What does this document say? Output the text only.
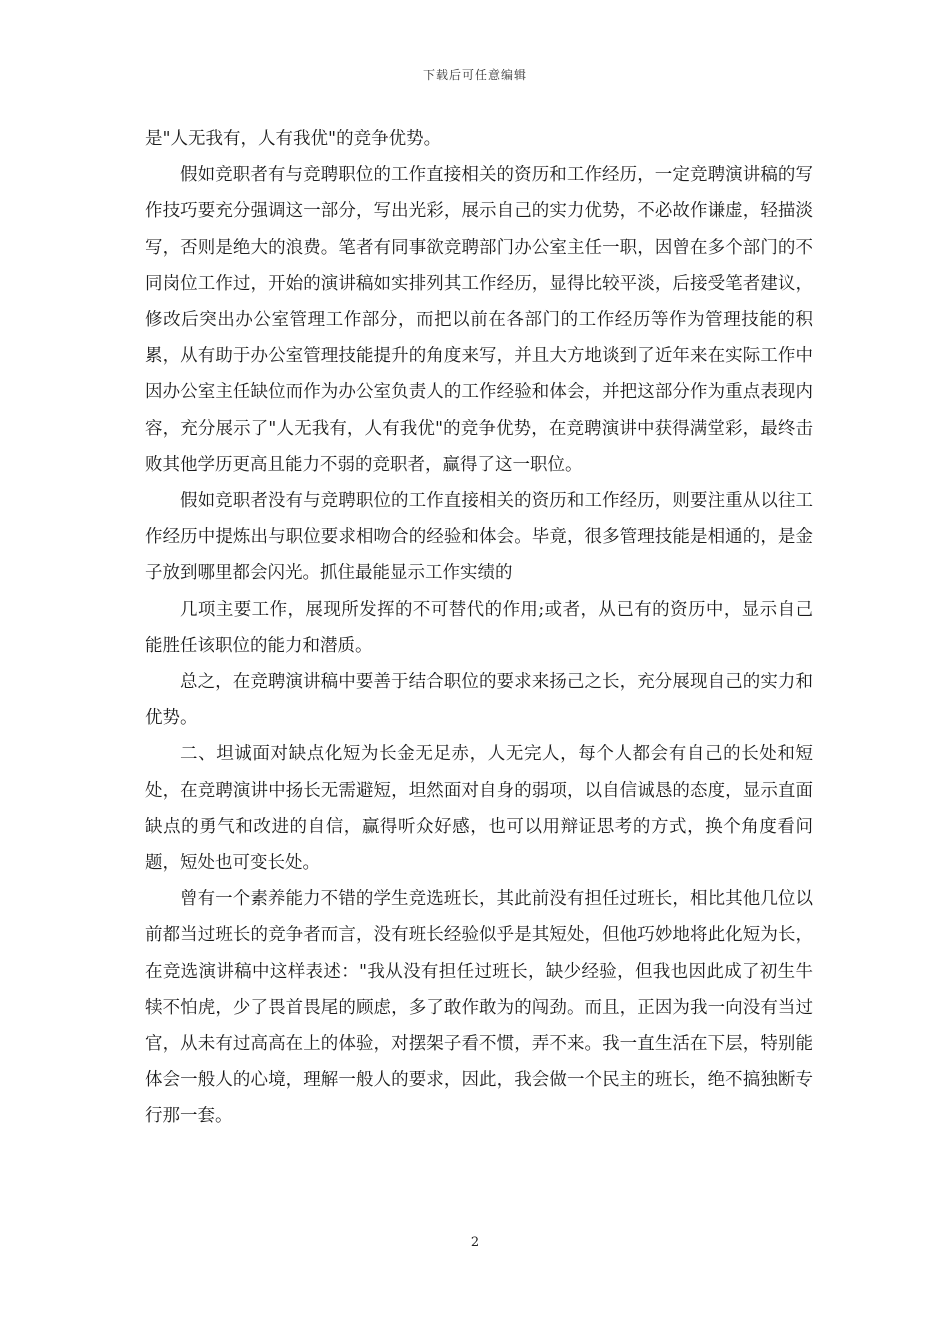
下载后可任意编辑

是"人无我有，人有我优"的竞争优势。

假如竞职者有与竞聘职位的工作直接相关的资历和工作经历，一定竞聘演讲稿的写作技巧要充分强调这一部分，写出光彩，展示自己的实力优势，不必故作谦虚，轻描淡写，否则是绝大的浪费。笔者有同事欲竞聘部门办公室主任一职，因曾在多个部门的不同岗位工作过，开始的演讲稿如实排列其工作经历，显得比较平淡，后接受笔者建议，修改后突出办公室管理工作部分，而把以前在各部门的工作经历等作为管理技能的积累，从有助于办公室管理技能提升的角度来写，并且大方地谈到了近年来在实际工作中因办公室主任缺位而作为办公室负责人的工作经验和体会，并把这部分作为重点表现内容，充分展示了"人无我有，人有我优"的竞争优势，在竞聘演讲中获得满堂彩，最终击败其他学历更高且能力不弱的竞职者，赢得了这一职位。

假如竞职者没有与竞聘职位的工作直接相关的资历和工作经历，则要注重从以往工作经历中提炼出与职位要求相吻合的经验和体会。毕竟，很多管理技能是相通的，是金子放到哪里都会闪光。抓住最能显示工作实绩的

几项主要工作，展现所发挥的不可替代的作用;或者，从已有的资历中，显示自己能胜任该职位的能力和潜质。

总之，在竞聘演讲稿中要善于结合职位的要求来扬己之长，充分展现自己的实力和优势。

二、坦诚面对缺点化短为长金无足赤，人无完人，每个人都会有自己的长处和短处，在竞聘演讲中扬长无需避短，坦然面对自身的弱项，以自信诚恳的态度，显示直面缺点的勇气和改进的自信，赢得听众好感，也可以用辩证思考的方式，换个角度看问题，短处也可变长处。

曾有一个素养能力不错的学生竞选班长，其此前没有担任过班长，相比其他几位以前都当过班长的竞争者而言，没有班长经验似乎是其短处，但他巧妙地将此化短为长，在竞选演讲稿中这样表述："我从没有担任过班长，缺少经验，但我也因此成了初生牛犊不怕虎，少了畏首畏尾的顾虑，多了敢作敢为的闯劲。而且，正因为我一向没有当过官，从未有过高高在上的体验，对摆架子看不惯，弄不来。我一直生活在下层，特别能体会一般人的心境，理解一般人的要求，因此，我会做一个民主的班长，绝不搞独断专行那一套。

2
